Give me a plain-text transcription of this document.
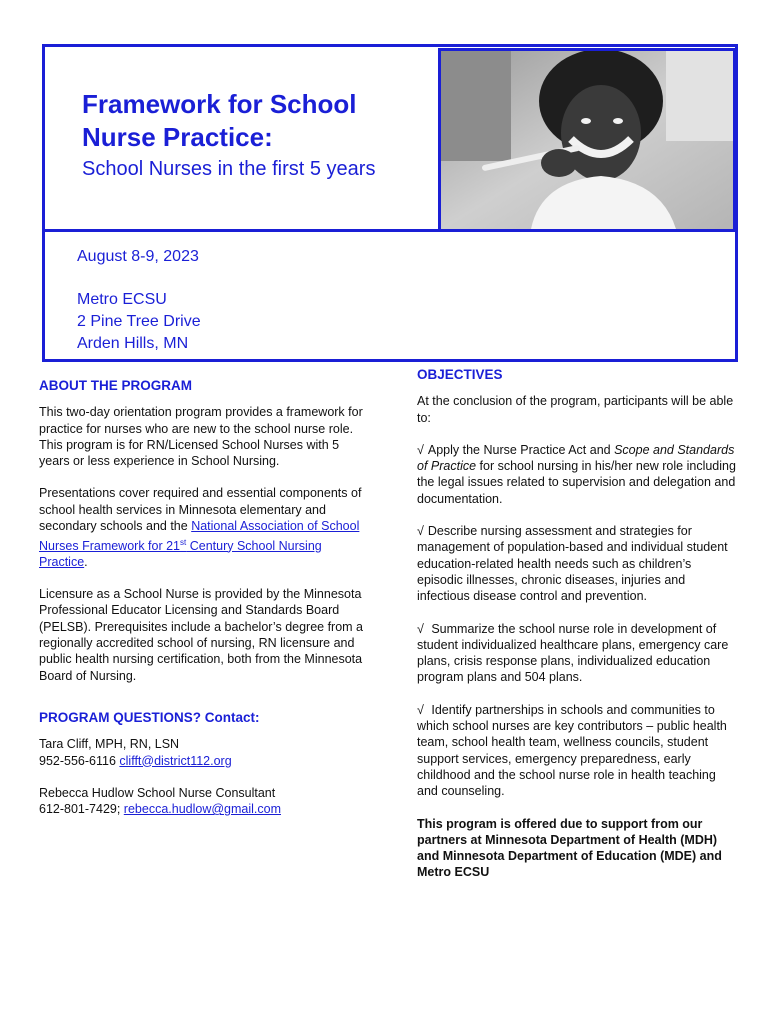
Framework for School Nurse Practice:
School Nurses in the first 5 years
August 8-9, 2023
Metro ECSU
2 Pine Tree Drive
Arden Hills, MN
ABOUT THE PROGRAM

This two-day orientation program provides a framework for practice for nurses who are new to the school nurse role. This program is for RN/Licensed School Nurses with 5 years or less experience in School Nursing.

Presentations cover required and essential components of school health services in Minnesota elementary and secondary schools and the National Association of School Nurses Framework for 21st Century School Nursing Practice.

Licensure as a School Nurse is provided by the Minnesota Professional Educator Licensing and Standards Board (PELSB). Prerequisites include a bachelor’s degree from a regionally accredited school of nursing, RN licensure and public health nursing certification, both from the Minnesota Board of Nursing.

PROGRAM QUESTIONS? Contact:
Tara Cliff, MPH, RN, LSN
952-556-6116 clifft@district112.org
Rebecca Hudlow School Nurse Consultant
612-801-7429; rebecca.hudlow@gmail.com
OBJECTIVES

At the conclusion of the program, participants will be able to:

√ Apply the Nurse Practice Act and Scope and Standards of Practice for school nursing in his/her new role including the legal issues related to supervision and delegation and documentation.

√ Describe nursing assessment and strategies for management of population-based and individual student education-related health needs such as children’s episodic illnesses, chronic diseases, injuries and infectious disease control and prevention.

√ Summarize the school nurse role in development of student individualized healthcare plans, emergency care plans, crisis response plans, individualized education program plans and 504 plans.

√ Identify partnerships in schools and communities to which school nurses are key contributors – public health team, school health team, wellness councils, student support services, emergency preparedness, early childhood and the school nurse role in health teaching and counseling.

This program is offered due to support from our partners at Minnesota Department of Health (MDH) and Minnesota Department of Education (MDE) and Metro ECSU
